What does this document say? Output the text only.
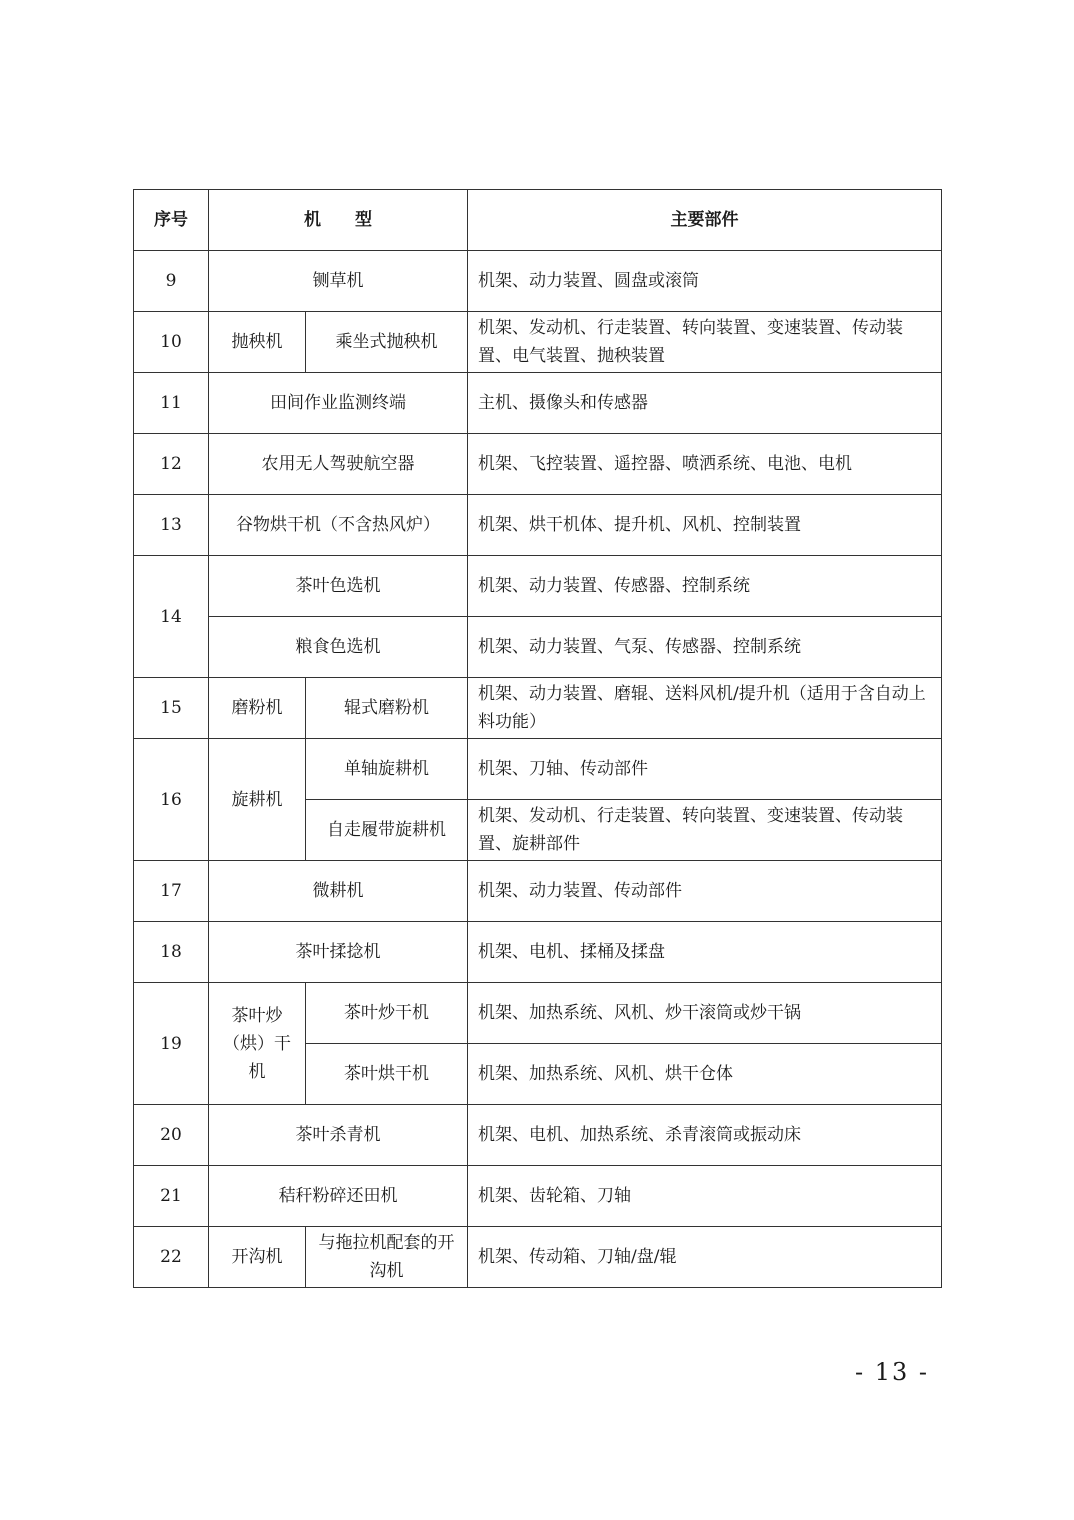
序号	机　　型		主要部件
9	铡草机		机架、动力装置、圆盘或滚筒
10	抛秧机	乘坐式抛秧机	机架、发动机、行走装置、转向装置、变速装置、传动装置、电气装置、抛秧装置
11	田间作业监测终端		主机、摄像头和传感器
12	农用无人驾驶航空器		机架、飞控装置、遥控器、喷洒系统、电池、电机
13	谷物烘干机（不含热风炉）		机架、烘干机体、提升机、风机、控制装置
14	茶叶色选机		机架、动力装置、传感器、控制系统
	粮食色选机		机架、动力装置、气泵、传感器、控制系统
15	磨粉机	辊式磨粉机	机架、动力装置、磨辊、送料风机/提升机（适用于含自动上料功能）
16	旋耕机	单轴旋耕机	机架、刀轴、传动部件
		自走履带旋耕机	机架、发动机、行走装置、转向装置、变速装置、传动装置、旋耕部件
17	微耕机		机架、动力装置、传动部件
18	茶叶揉捻机		机架、电机、揉桶及揉盘
19	茶叶炒（烘）干机	茶叶炒干机	机架、加热系统、风机、炒干滚筒或炒干锅
		茶叶烘干机	机架、加热系统、风机、烘干仓体
20	茶叶杀青机		机架、电机、加热系统、杀青滚筒或振动床
21	秸秆粉碎还田机		机架、齿轮箱、刀轴
22	开沟机	与拖拉机配套的开沟机	机架、传动箱、刀轴/盘/辊
- 13 -
